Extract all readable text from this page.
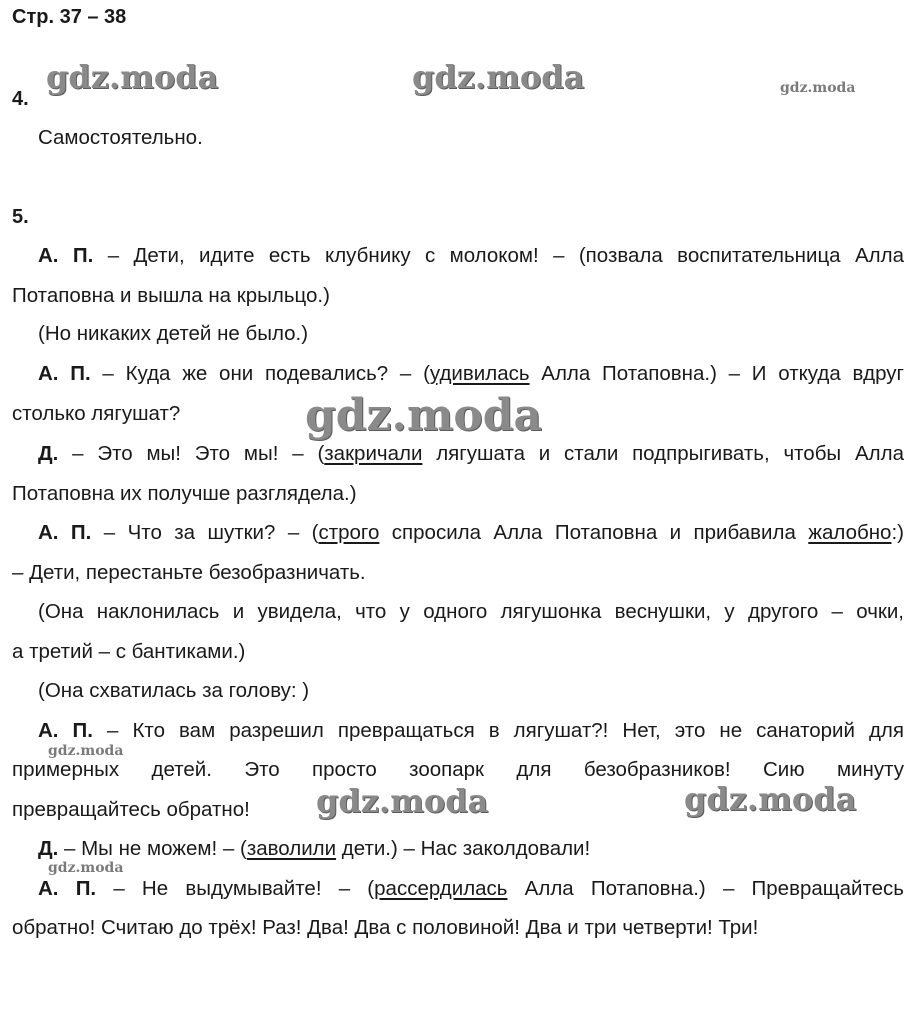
Стр. 37 – 38
gdz.moda	gdz.moda	gdz.moda
gdz.moda
gdz.moda
gdz.moda	gdz.moda
gdz.moda
4.
Самостоятельно.
5.
А. П. – Дети, идите есть клубнику с молоком! – (позвала воспитательница Алла
Потаповна и вышла на крыльцо.)
(Но никаких детей не было.)
А. П. – Куда же они подевались? – (удивилась Алла Потаповна.) – И откуда вдруг
столько лягушат?
Д. – Это мы! Это мы! – (закричали лягушата и стали подпрыгивать, чтобы Алла
Потаповна их получше разглядела.)
А. П. – Что за шутки? – (строго спросила Алла Потаповна и прибавила жалобно:)
– Дети, перестаньте безобразничать.
(Она наклонилась и увидела, что у одного лягушонка веснушки, у другого – очки,
а третий – с бантиками.)
(Она схватилась за голову: )
А. П. – Кто вам разрешил превращаться в лягушат?! Нет, это не санаторий для
примерных детей. Это просто зоопарк для безобразников! Сию минуту
превращайтесь обратно!
Д. – Мы не можем! – (заволили дети.) – Нас заколдовали!
А. П. – Не выдумывайте! – (рассердилась Алла Потаповна.) – Превращайтесь
обратно! Считаю до трёх! Раз! Два! Два с половиной! Два и три четверти! Три!
